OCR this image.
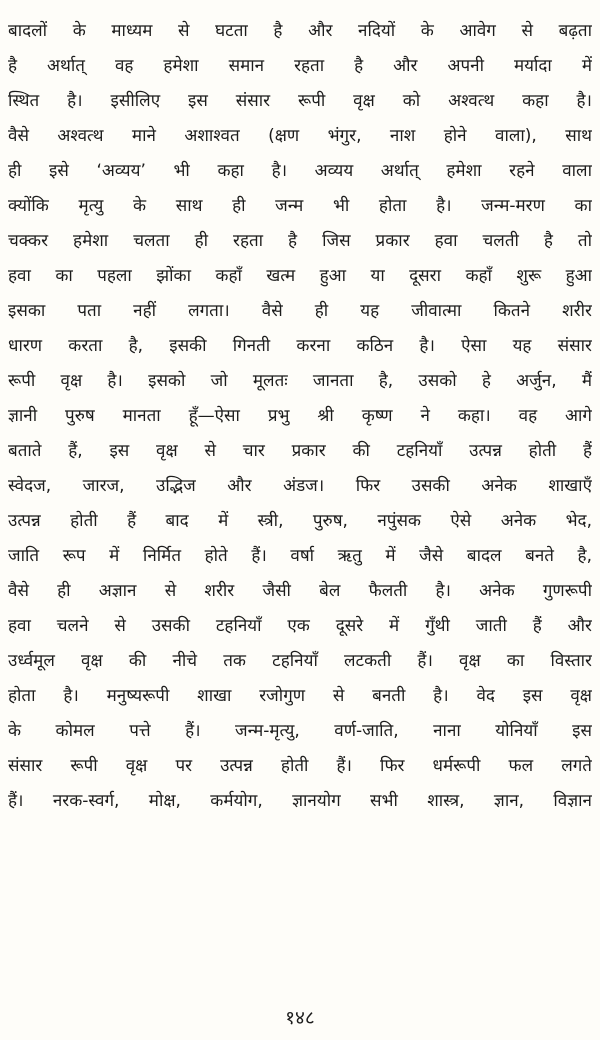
बादलों के माध्यम से घटता है और नदियों के आवेग से बढ़ता
है अर्थात् वह हमेशा समान रहता है और अपनी मर्यादा में
स्थित है। इसीलिए इस संसार रूपी वृक्ष को अश्वत्थ कहा है।
वैसे अश्वत्थ माने अशाश्वत (क्षण भंगुर, नाश होने वाला), साथ
ही इसे ‘अव्यय’ भी कहा है। अव्यय अर्थात् हमेशा रहने वाला
क्योंकि मृत्यु के साथ ही जन्म भी होता है। जन्म-मरण का
चक्कर हमेशा चलता ही रहता है जिस प्रकार हवा चलती है तो
हवा का पहला झोंका कहाँ खत्म हुआ या दूसरा कहाँ शुरू हुआ
इसका पता नहीं लगता। वैसे ही यह जीवात्मा कितने शरीर
धारण करता है, इसकी गिनती करना कठिन है। ऐसा यह संसार
रूपी वृक्ष है। इसको जो मूलतः जानता है, उसको हे अर्जुन, मैं
ज्ञानी पुरुष मानता हूँ—ऐसा प्रभु श्री कृष्ण ने कहा। वह आगे
बताते हैं, इस वृक्ष से चार प्रकार की टहनियाँ उत्पन्न होती हैं
स्वेदज, जारज, उद्भिज और अंडज। फिर उसकी अनेक शाखाएँ
उत्पन्न होती हैं बाद में स्त्री, पुरुष, नपुंसक ऐसे अनेक भेद,
जाति रूप में निर्मित होते हैं। वर्षा ऋतु में जैसे बादल बनते है,
वैसे ही अज्ञान से शरीर जैसी बेल फैलती है। अनेक गुणरूपी
हवा चलने से उसकी टहनियाँ एक दूसरे में गुँथी जाती हैं और
उर्ध्वमूल वृक्ष की नीचे तक टहनियाँ लटकती हैं। वृक्ष का विस्तार
होता है। मनुष्यरूपी शाखा रजोगुण से बनती है। वेद इस वृक्ष
के कोमल पत्ते हैं। जन्म-मृत्यु, वर्ण-जाति, नाना योनियाँ इस
संसार रूपी वृक्ष पर उत्पन्न होती हैं। फिर धर्मरूपी फल लगते
हैं। नरक-स्वर्ग, मोक्ष, कर्मयोग, ज्ञानयोग सभी शास्त्र, ज्ञान, विज्ञान
१४८
